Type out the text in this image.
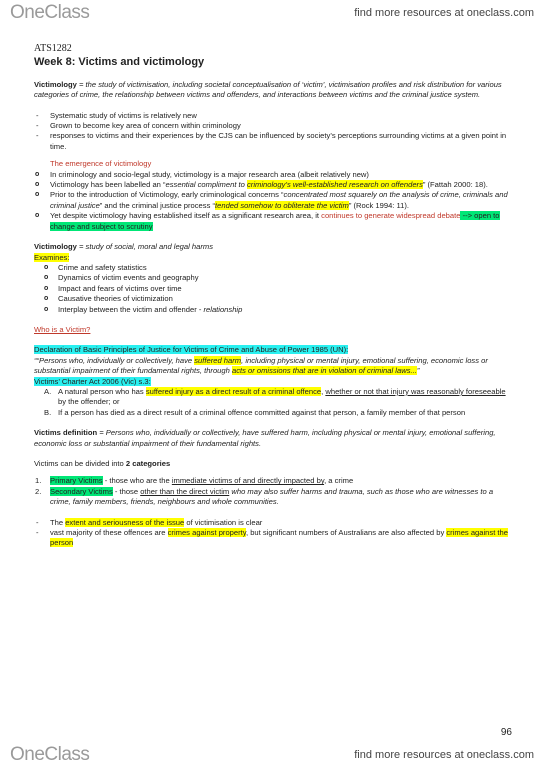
OneClass	find more resources at oneclass.com
ATS1282
Week 8: Victims and victimology

Victimology = the study of victimisation, including societal conceptualisation of ‘victim’, victimisation profiles and risk distribution for various categories of crime, the relationship between victims and offenders, and interactions between victims and the criminal justice system.

- Systematic study of victims is relatively new
- Grown to become key area of concern within criminology
- responses to victims and their experiences by the CJS can be influenced by society’s perceptions surrounding victims at a given point in time.
The emergence of victimology
o In criminology and socio-legal study, victimology is a major research area (albeit relatively new)
o Victimology has been labelled an “essential compliment to criminology’s well-established research on offenders” (Fattah 2000: 18).
o Prior to the introduction of Victimology, early criminological concerns “concentrated most squarely on the analysis of crime, criminals and criminal justice” and the criminal justice process “tended somehow to obliterate the victim” (Rock 1994: 11).
o Yet despite victimology having established itself as a significant research area, it continues to generate widespread debate --> open to change and subject to scrutiny

Victimology = study of social, moral and legal harms

Examines:
o Crime and safety statistics
o Dynamics of victim events and geography
o Impact and fears of victims over time
o Causative theories of victimization
o Interplay between the victim and offender - relationship
Who is a Victim?
Declaration of Basic Principles of Justice for Victims of Crime and Abuse of Power 1985 (UN):

““Persons who, individually or collectively, have suffered harm, including physical or mental injury, emotional suffering, economic loss or substantial impairment of their fundamental rights, through acts or omissions that are in violation of criminal laws...”

Victims’ Charter Act 2006 (Vic) s.3:
A. A natural person who has suffered injury as a direct result of a criminal offence, whether or not that injury was reasonably foreseeable by the offender; or
B. If a person has died as a direct result of a criminal offence committed against that person, a family member of that person

Victims definition = Persons who, individually or collectively, have suffered harm, including physical or mental injury, emotional suffering, economic loss or substantial impairment of their fundamental rights.

Victims can be divided into 2 categories

1. Primary Victims - those who are the immediate victims of and directly impacted by, a crime
2. Secondary Victims - those other than the direct victim who may also suffer harms and trauma, such as those who are witnesses to a crime, family members, friends, neighbours and whole communities.
- The extent and seriousness of the issue of victimisation is clear
- vast majority of these offences are crimes against property, but significant numbers of Australians are also affected by crimes against the person
96
OneClass	find more resources at oneclass.com
